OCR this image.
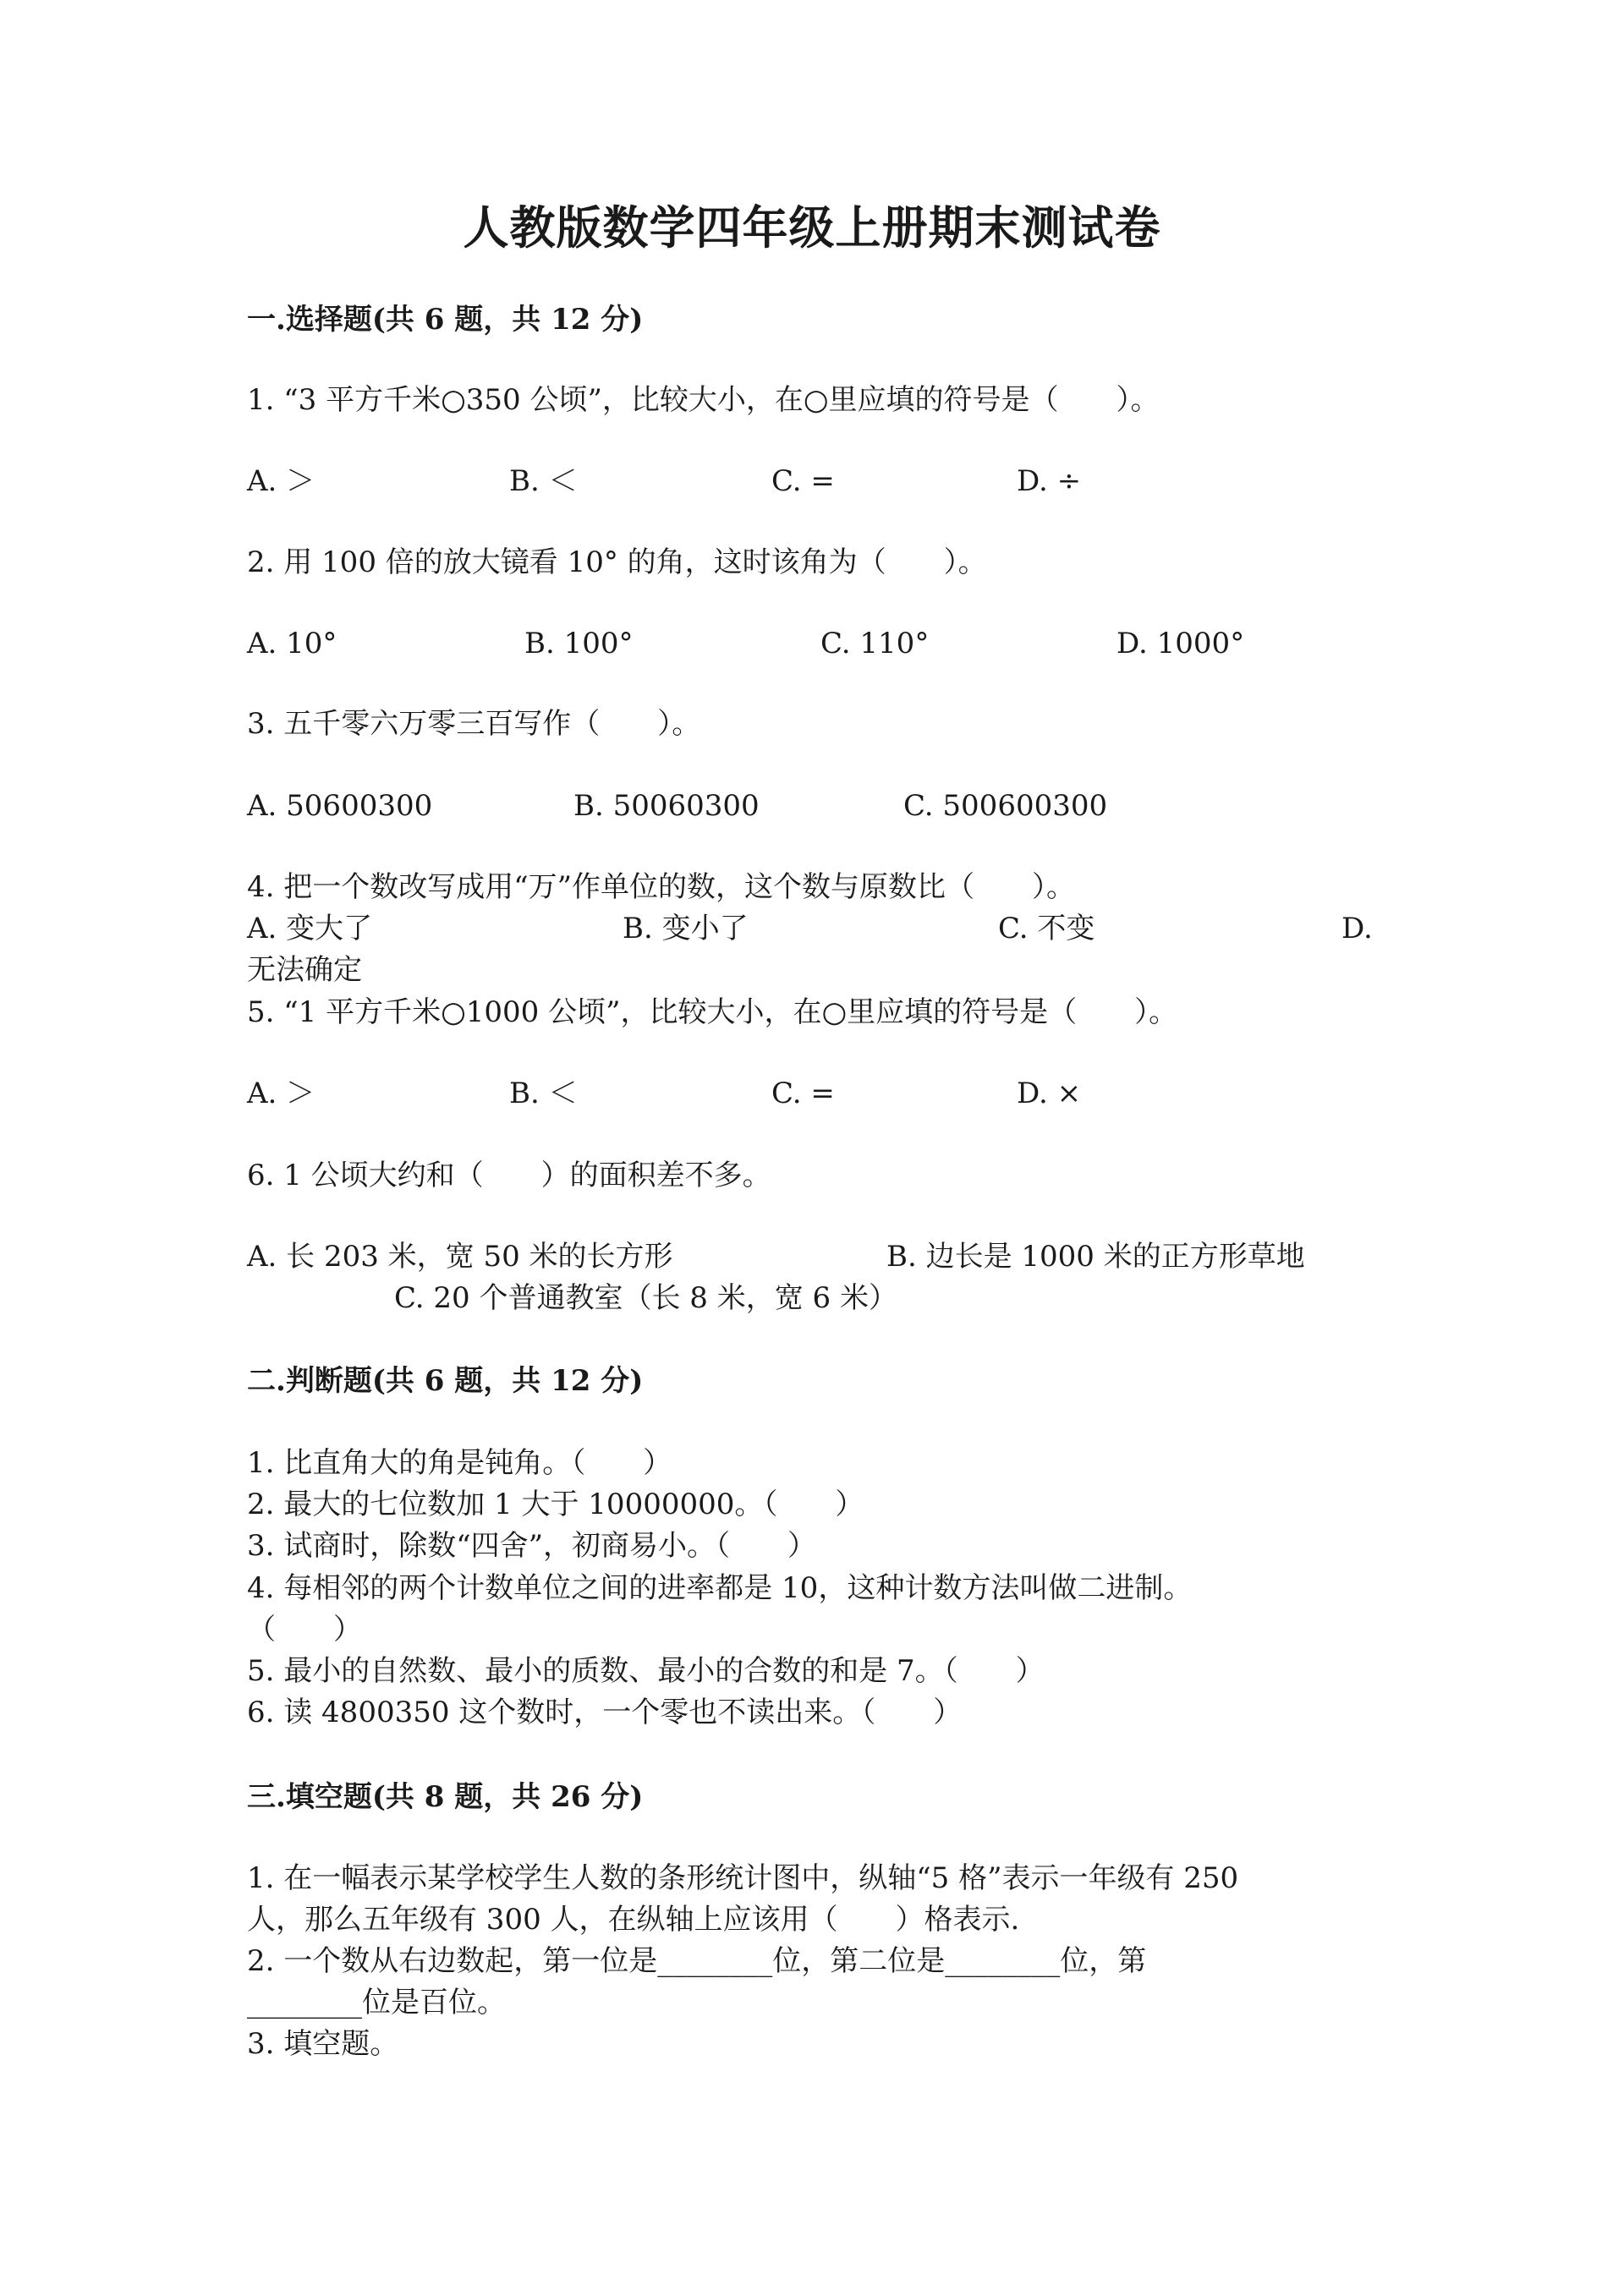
人教版数学四年级上册期末测试卷
一.选择题(共 6 题，共 12 分)
1. “3 平方千米○350 公顷”，比较大小，在○里应填的符号是（　　）。
A. ＞	B. ＜	C. =	D. ÷
2. 用 100 倍的放大镜看 10° 的角，这时该角为（　　）。
A. 10°	B. 100°	C. 110°	D. 1000°
3. 五千零六万零三百写作（　　）。
A. 50600300	B. 50060300	C. 500600300
4. 把一个数改写成用“万”作单位的数，这个数与原数比（　　）。
A. 变大了	B. 变小了	C. 不变	D.
无法确定
5. “1 平方千米○1000 公顷”，比较大小，在○里应填的符号是（　　）。
A. ＞	B. ＜	C. =	D. ×
6. 1 公顷大约和（　　）的面积差不多。
A. 长 203 米，宽 50 米的长方形	B. 边长是 1000 米的正方形草地
C. 20 个普通教室（长 8 米，宽 6 米）
二.判断题(共 6 题，共 12 分)
1. 比直角大的角是钝角。（　　）
2. 最大的七位数加 1 大于 10000000。（　　）
3. 试商时，除数“四舍”，初商易小。（　　）
4. 每相邻的两个计数单位之间的进率都是 10，这种计数方法叫做二进制。
（　　）
5. 最小的自然数、最小的质数、最小的合数的和是 7。（　　）
6. 读 4800350 这个数时，一个零也不读出来。（　　）
三.填空题(共 8 题，共 26 分)
1. 在一幅表示某学校学生人数的条形统计图中，纵轴“5 格”表示一年级有 250
人，那么五年级有 300 人，在纵轴上应该用（　　）格表示.
2. 一个数从右边数起，第一位是________位，第二位是________位，第
________位是百位。
3. 填空题。
